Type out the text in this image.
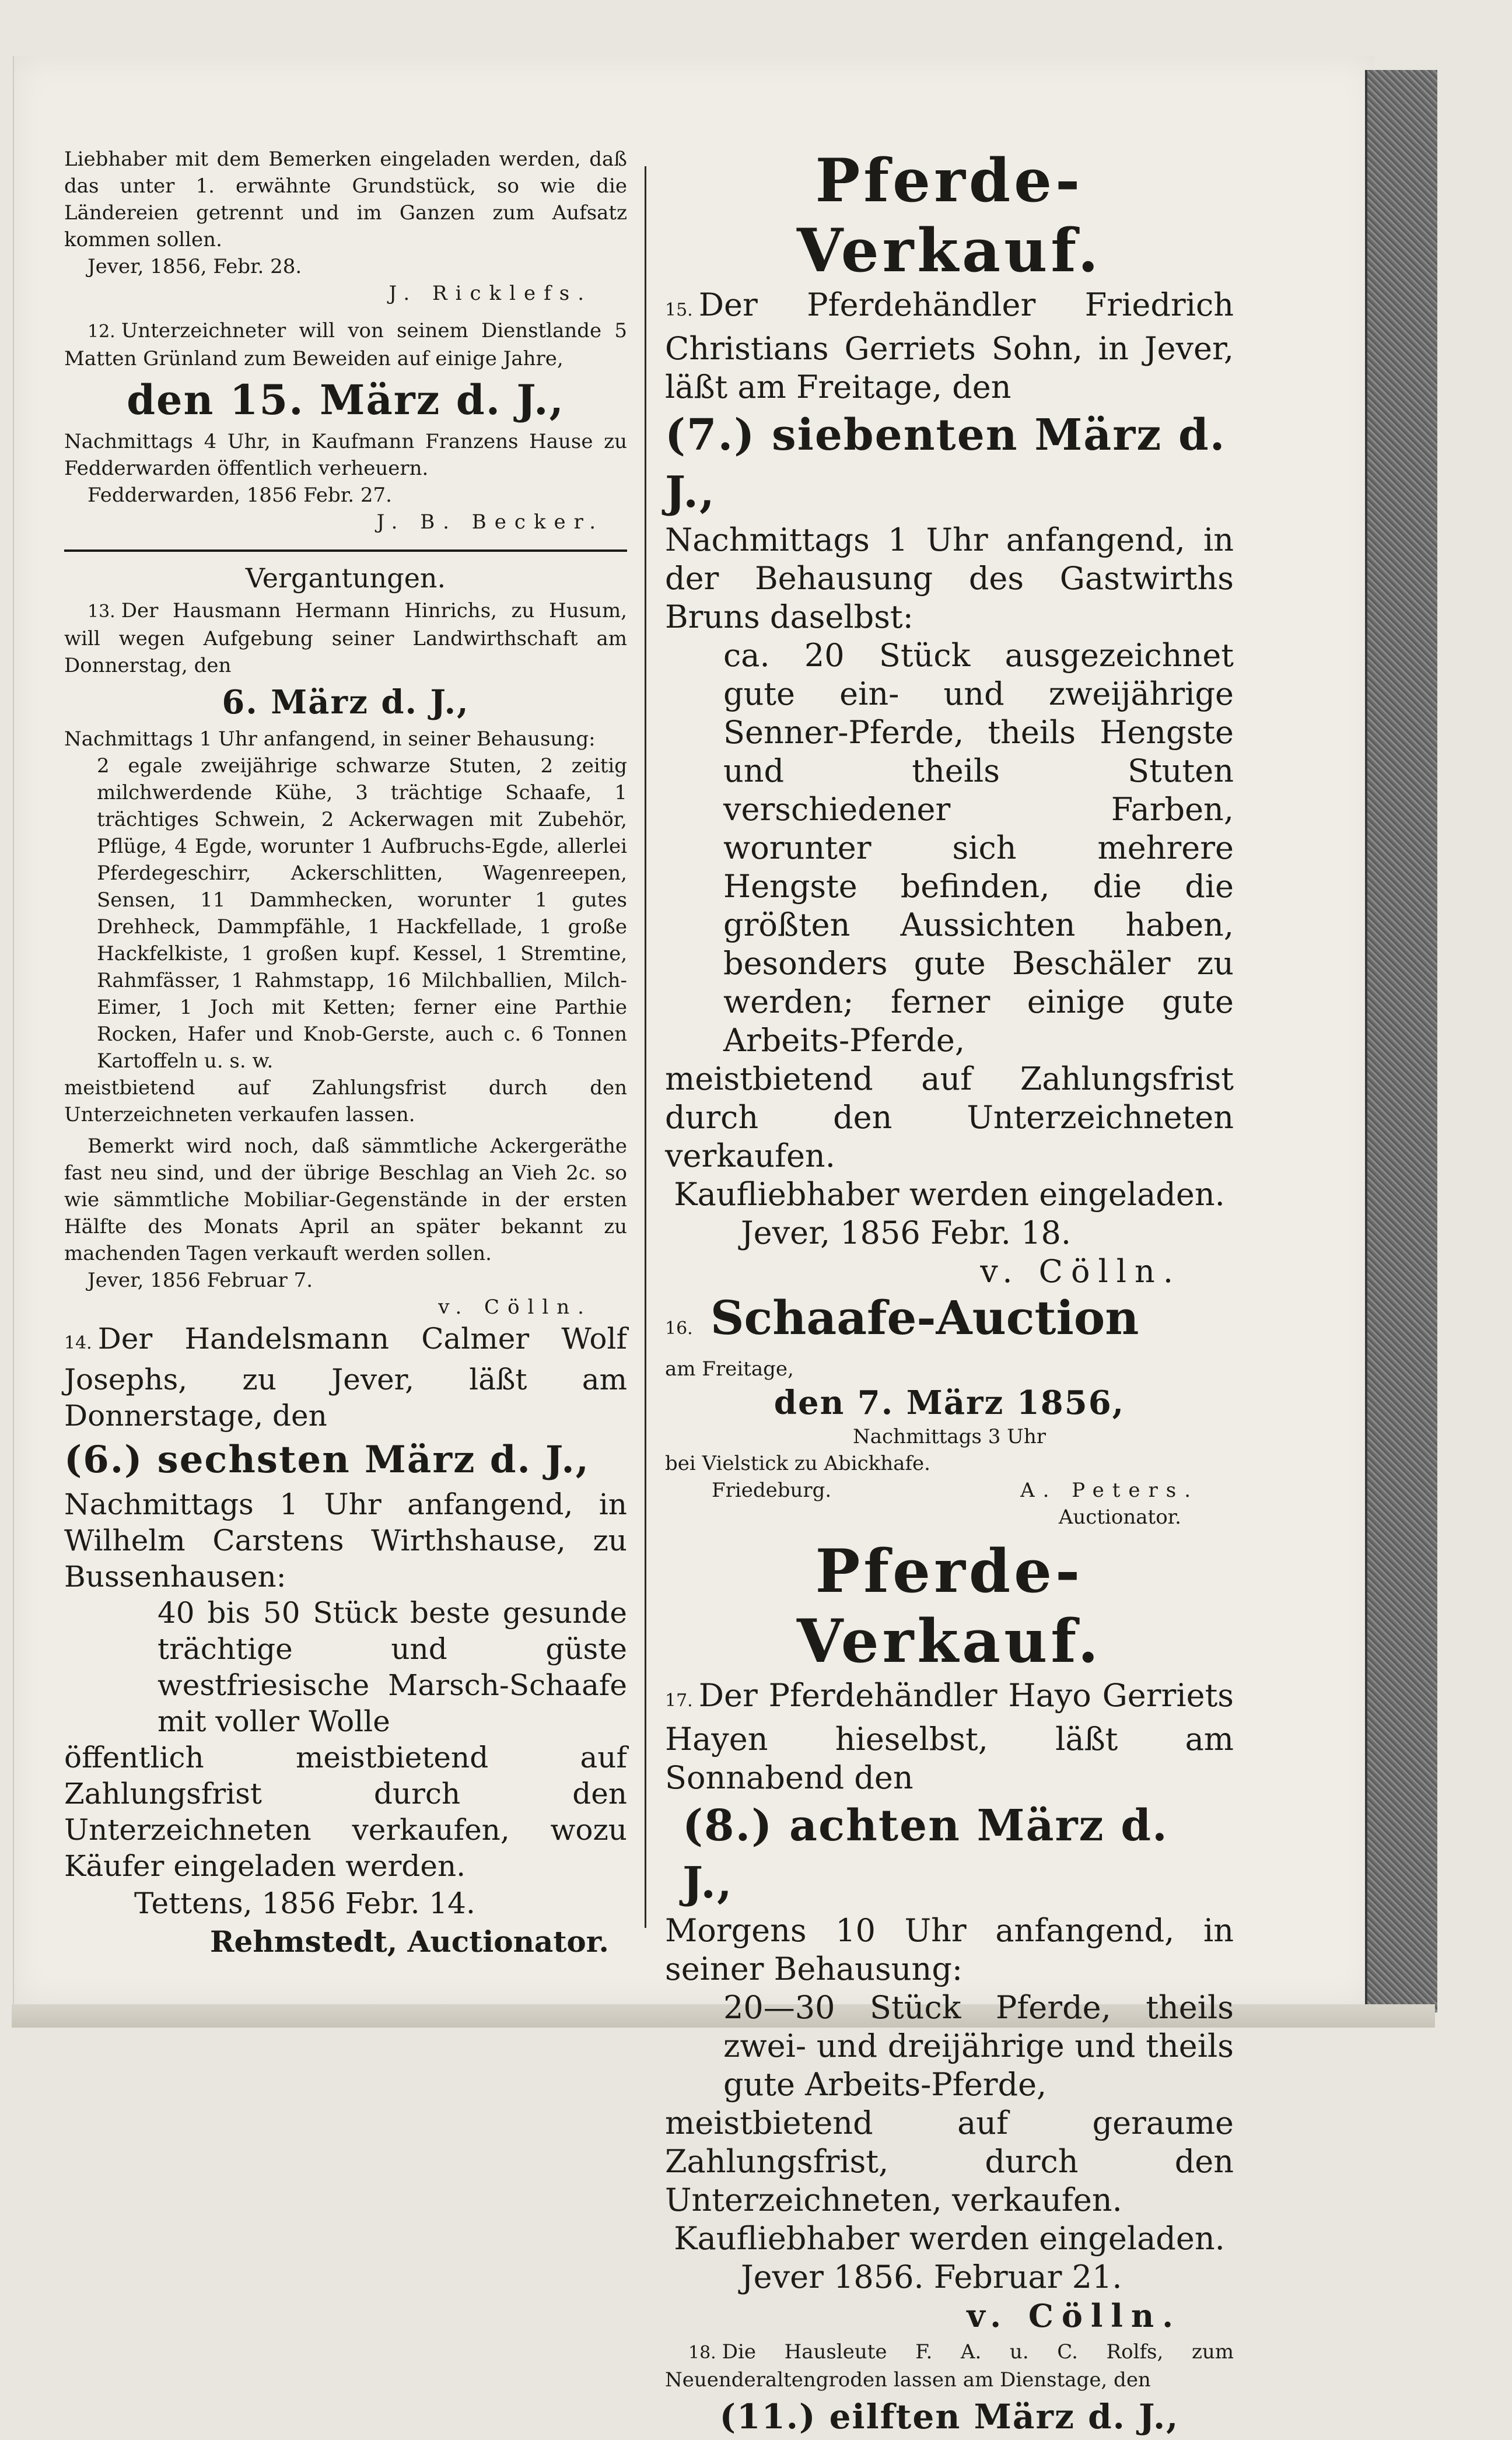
Liebhaber mit dem Bemerken eingeladen werden, daß das unter 1. erwähnte Grundstück, so wie die Ländereien getrennt und im Ganzen zum Aufsatz kommen sollen.

Jever, 1856, Febr. 28.

J. Ricklefs.

12. Unterzeichneter will von seinem Dienstlande 5 Matten Grünland zum Beweiden auf einige Jahre,

den 15. März d. J.,

Nachmittags 4 Uhr, in Kaufmann Franzens Hause zu Fedderwarden öffentlich verheuern.

Fedderwarden, 1856 Febr. 27.

J. B. Becker.

Vergantungen.

13. Der Hausmann Hermann Hinrichs, zu Husum, will wegen Aufgebung seiner Landwirthschaft am Donnerstag, den

6. März d. J.,

Nachmittags 1 Uhr anfangend, in seiner Behausung:

2 egale zweijährige schwarze Stuten, 2 zeitig milchwerdende Kühe, 3 trächtige Schaafe, 1 trächtiges Schwein, 2 Ackerwagen mit Zubehör, Pflüge, 4 Egde, worunter 1 Aufbruchs-Egde, allerlei Pferdegeschirr, Ackerschlitten, Wagenreepen, Sensen, 11 Dammhecken, worunter 1 gutes Drehheck, Dammpfähle, 1 Hackfellade, 1 große Hackfelkiste, 1 großen kupf. Kessel, 1 Stremtine, Rahmfässer, 1 Rahmstapp, 16 Milchballien, Milch-Eimer, 1 Joch mit Ketten; ferner eine Parthie Rocken, Hafer und Knob-Gerste, auch c. 6 Tonnen Kartoffeln u. s. w.

meistbietend auf Zahlungsfrist durch den Unterzeichneten verkaufen lassen.

Bemerkt wird noch, daß sämmtliche Ackergeräthe fast neu sind, und der übrige Beschlag an Vieh 2c. so wie sämmtliche Mobiliar-Gegenstände in der ersten Hälfte des Monats April an später bekannt zu machenden Tagen verkauft werden sollen.

Jever, 1856 Februar 7.

v. Cölln.

14. Der Handelsmann Calmer Wolf Josephs, zu Jever, läßt am Donnerstage, den

(6.) sechsten März d. J.,

Nachmittags 1 Uhr anfangend, in Wilhelm Carstens Wirthshause, zu Bussenhausen:

40 bis 50 Stück beste gesunde trächtige und güste westfriesische Marsch-Schaafe mit voller Wolle

öffentlich meistbietend auf Zahlungsfrist durch den Unterzeichneten verkaufen, wozu Käufer eingeladen werden.

Tettens, 1856 Febr. 14.

Rehmstedt, Auctionator.

Pferde-Verkauf.

15. Der Pferdehändler Friedrich Christians Gerriets Sohn, in Jever, läßt am Freitage, den

(7.) siebenten März d. J.,

Nachmittags 1 Uhr anfangend, in der Behausung des Gastwirths Bruns daselbst:

ca. 20 Stück ausgezeichnet gute ein- und zweijährige Senner-Pferde, theils Hengste und theils Stuten verschiedener Farben, worunter sich mehrere Hengste befinden, die die größten Aussichten haben, besonders gute Beschäler zu werden; ferner einige gute Arbeits-Pferde,

meistbietend auf Zahlungsfrist durch den Unterzeichneten verkaufen.

Kaufliebhaber werden eingeladen.

Jever, 1856 Febr. 18.

v. Cölln.

16. Schaafe-Auction

am Freitage,

den 7. März 1856,

Nachmittags 3 Uhr

bei Vielstick zu Abickhafe.

Friedeburg.	A. Peters.

Auctionator.

Pferde-Verkauf.

17. Der Pferdehändler Hayo Gerriets Hayen hieselbst, läßt am Sonnabend den

(8.) achten März d. J.,

Morgens 10 Uhr anfangend, in seiner Behausung:

20—30 Stück Pferde, theils zwei- und dreijährige und theils gute Arbeits-Pferde,

meistbietend auf geraume Zahlungsfrist, durch den Unterzeichneten, verkaufen.

Kaufliebhaber werden eingeladen.

Jever 1856. Februar 21.

v. Cölln.

18. Die Hausleute F. A. u. C. Rolfs, zum Neuenderaltengroden lassen am Dienstage, den

(11.) eilften März d. J.,
